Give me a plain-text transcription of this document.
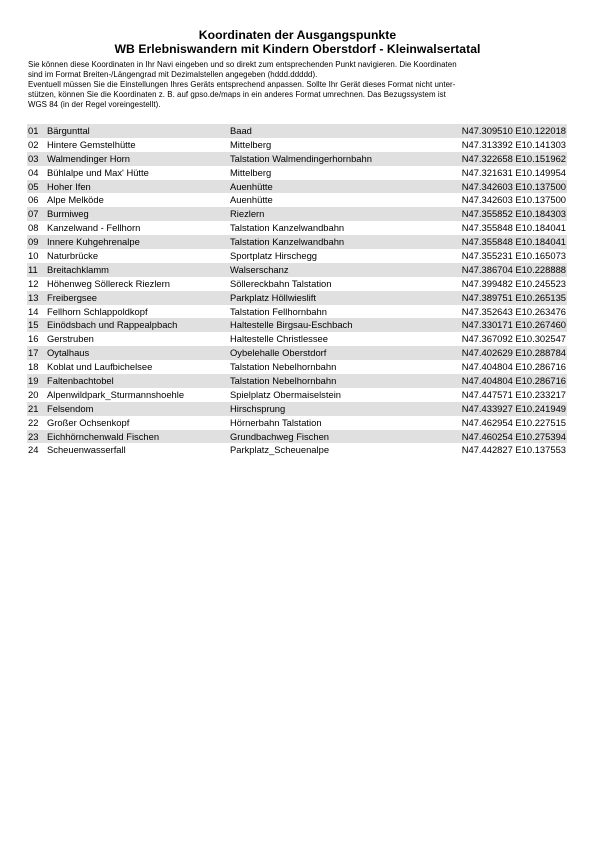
Koordinaten der Ausgangspunkte
WB Erlebniswandern mit Kindern Oberstdorf - Kleinwalsertatal
Sie können diese Koordinaten in Ihr Navi eingeben und so direkt zum entsprechenden Punkt navigieren. Die Koordinaten
sind im Format Breiten-/Längengrad mit Dezimalstellen angegeben (hddd.ddddd).
Eventuell müssen Sie die Einstellungen Ihres Geräts entsprechend anpassen. Sollte Ihr Gerät dieses Format nicht unter-
stützen, können Sie die Koordinaten z. B. auf gpso.de/maps in ein anderes Format umrechnen. Das Bezugssystem ist
WGS 84 (in der Regel voreingestellt).
01 Bärgunttal	Baad	N47.309510 E10.122018
02 Hintere Gemstelhütte	Mittelberg	N47.313392 E10.141303
03 Walmendinger Horn	Talstation Walmendingerhornbahn	N47.322658 E10.151962
04 Bühlalpe und Max' Hütte	Mittelberg	N47.321631 E10.149954
05 Hoher Ifen	Auenhütte	N47.342603 E10.137500
06 Alpe Melköde	Auenhütte	N47.342603 E10.137500
07 Burmiweg	Riezlern	N47.355852 E10.184303
08 Kanzelwand - Fellhorn	Talstation Kanzelwandbahn	N47.355848 E10.184041
09 Innere Kuhgehrenalpe	Talstation Kanzelwandbahn	N47.355848 E10.184041
10 Naturbrücke	Sportplatz Hirschegg	N47.355231 E10.165073
11 Breitachklamm	Walserschanz	N47.386704 E10.228888
12 Höhenweg Söllereck Riezlern	Söllereckbahn Talstation	N47.399482 E10.245523
13 Freibergsee	Parkplatz Höllwieslift	N47.389751 E10.265135
14 Fellhorn Schlappoldkopf	Talstation Fellhornbahn	N47.352643 E10.263476
15 Einödsbach und Rappealpbach	Haltestelle Birgsau-Eschbach	N47.330171 E10.267460
16 Gerstruben	Haltestelle Christlessee	N47.367092 E10.302547
17 Oytalhaus	Oybelehalle Oberstdorf	N47.402629 E10.288784
18 Koblat und Laufbichelsee	Talstation Nebelhornbahn	N47.404804 E10.286716
19 Faltenbachtobel	Talstation Nebelhornbahn	N47.404804 E10.286716
20 Alpenwildpark_Sturmannshoehle	Spielplatz Obermaiselstein	N47.447571 E10.233217
21 Felsendom	Hirschsprung	N47.433927 E10.241949
22 Großer Ochsenkopf	Hörnerbahn Talstation	N47.462954 E10.227515
23 Eichhörnchenwald Fischen	Grundbachweg Fischen	N47.460254 E10.275394
24 Scheuenwasserfall	Parkplatz_Scheuenalpe	N47.442827 E10.137553
